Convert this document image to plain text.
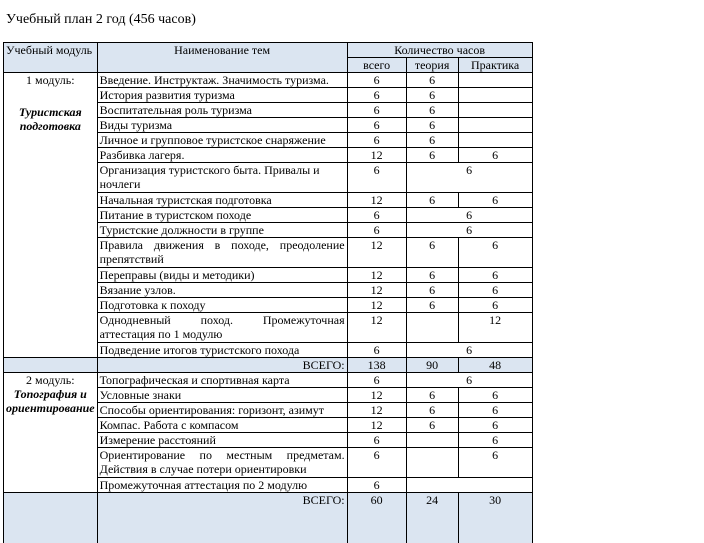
Учебный план 2 год (456 часов)
Учебный модуль	Наименование тем	Количество часов		
		всего	теория	Практика
1 модуль:
Туристская подготовка	Введение. Инструктаж. Значимость туризма.	6	6	
	История развития туризма	6	6	
	Воспитательная роль туризма	6	6	
	Виды туризма	6	6	
	Личное и групповое туристское снаряжение	6	6	
	Разбивка лагеря.	12	6	6
	Организация туристского быта. Привалы и ночлеги	6	6	
	Начальная туристская подготовка	12	6	6
	Питание в туристском походе	6	6	
	Туристские должности в группе	6	6	
	Правила движения в походе, преодоление препятствий	12	6	6
	Переправы (виды и методики)	12	6	6
	Вязание узлов.	12	6	6
	Подготовка к походу	12	6	6
	Однодневный поход. Промежуточная аттестация по 1 модулю	12		12
	Подведение итогов туристского похода	6	6	
	ВСЕГО:	138	90	48
2 модуль:
Топография и ориентирование	Топографическая и спортивная карта	6	6	
	Условные знаки	12	6	6
	Способы ориентирования: горизонт, азимут	12	6	6
	Компас. Работа с компасом	12	6	6
	Измерение расстояний	6		6
	Ориентирование по местным предметам. Действия в случае потери ориентировки	6		6
	Промежуточная аттестация по 2 модулю	6		
	ВСЕГО:	60	24	30
